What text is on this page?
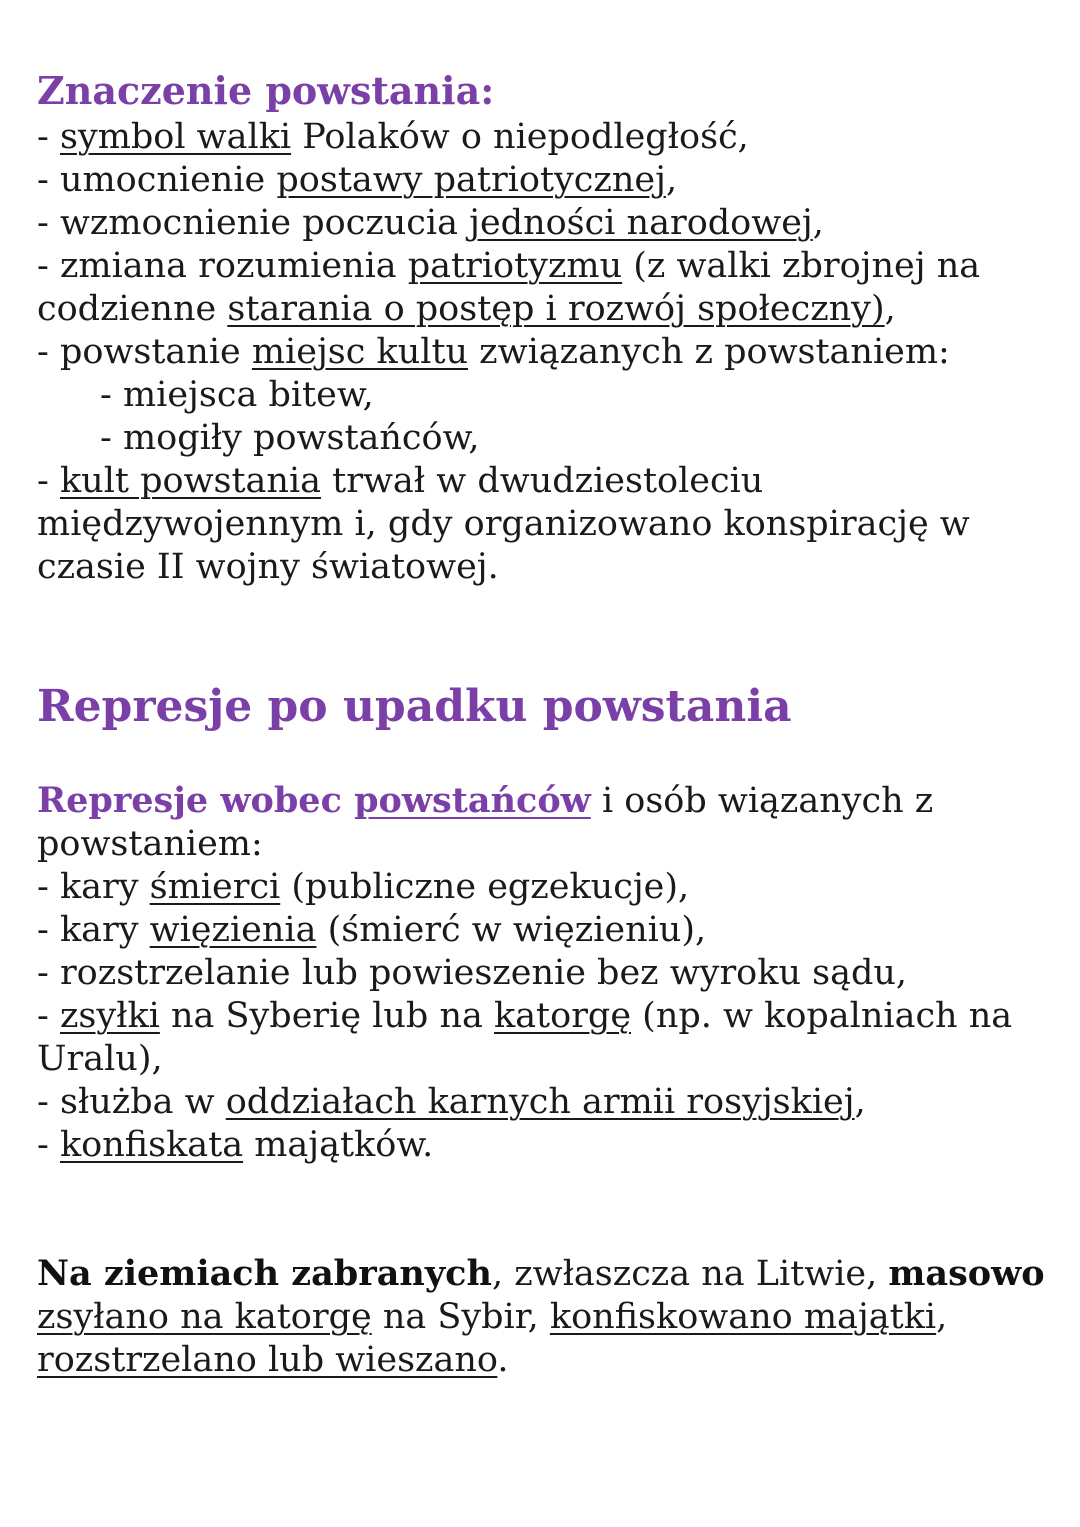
Znaczenie powstania:
- symbol walki Polaków o niepodległość,
- umocnienie postawy patriotycznej,
- wzmocnienie poczucia jedności narodowej,
- zmiana rozumienia patriotyzmu (z walki zbrojnej na codzienne starania o postęp i rozwój społeczny),
- powstanie miejsc kultu związanych z powstaniem:
- miejsca bitew,
- mogiły powstańców,
- kult powstania trwał w dwudziestoleciu międzywojennym i, gdy organizowano konspirację w czasie II wojny światowej.
Represje po upadku powstania
Represje wobec powstańców i osób wiązanych z powstaniem:
- kary śmierci (publiczne egzekucje),
- kary więzienia (śmierć w więzieniu),
- rozstrzelanie lub powieszenie bez wyroku sądu,
- zsyłki na Syberię lub na katorgę (np. w kopalniach na Uralu),
- służba w oddziałach karnych armii rosyjskiej,
- konfiskata majątków.
Na ziemiach zabranych, zwłaszcza na Litwie, masowo zsyłano na katorgę na Sybir, konfiskowano majątki, rozstrzelano lub wieszano.
